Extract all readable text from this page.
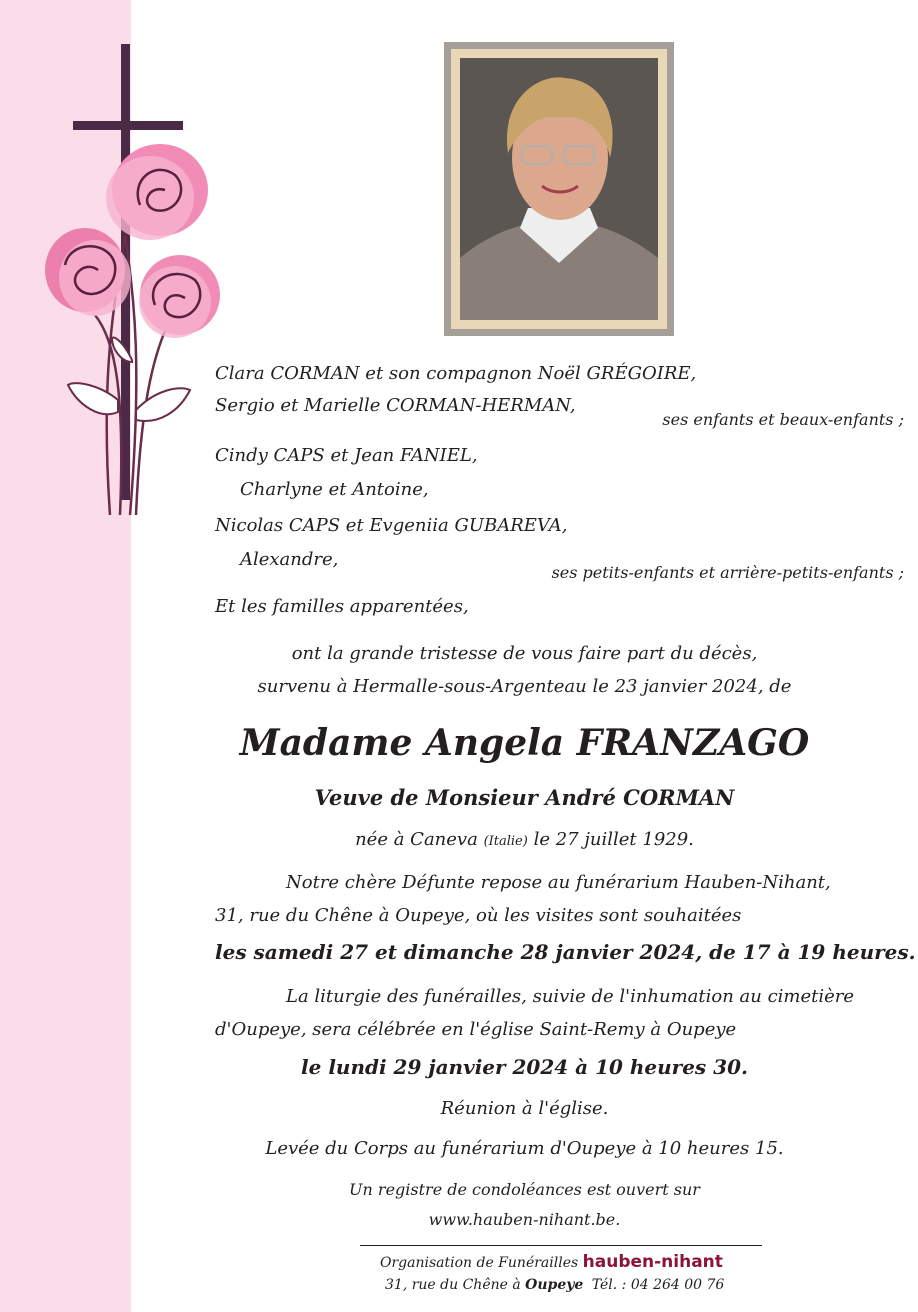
Clara CORMAN et son compagnon Noël GRÉGOIRE,
Sergio et Marielle CORMAN-HERMAN,
ses enfants et beaux-enfants ;
Cindy CAPS et Jean FANIEL,
Charlyne et Antoine,
Nicolas CAPS et Evgeniia GUBAREVA,
Alexandre,
ses petits-enfants et arrière-petits-enfants ;
Et les familles apparentées,
ont la grande tristesse de vous faire part du décès,
survenu à Hermalle-sous-Argenteau le 23 janvier 2024, de
Madame Angela FRANZAGO
Veuve de Monsieur André CORMAN
née à Caneva (Italie) le 27 juillet 1929.
Notre chère Défunte repose au funérarium Hauben-Nihant,
31, rue du Chêne à Oupeye, où les visites sont souhaitées
les samedi 27 et dimanche 28 janvier 2024, de 17 à 19 heures.
La liturgie des funérailles, suivie de l'inhumation au cimetière
d'Oupeye, sera célébrée en l'église Saint-Remy à Oupeye
le lundi 29 janvier 2024 à 10 heures 30.
Réunion à l'église.
Levée du Corps au funérarium d'Oupeye à 10 heures 15.
Un registre de condoléances est ouvert sur
www.hauben-nihant.be.
Organisation de Funérailles hauben-nihant
31, rue du Chêne à Oupeye Tél. : 04 264 00 76
